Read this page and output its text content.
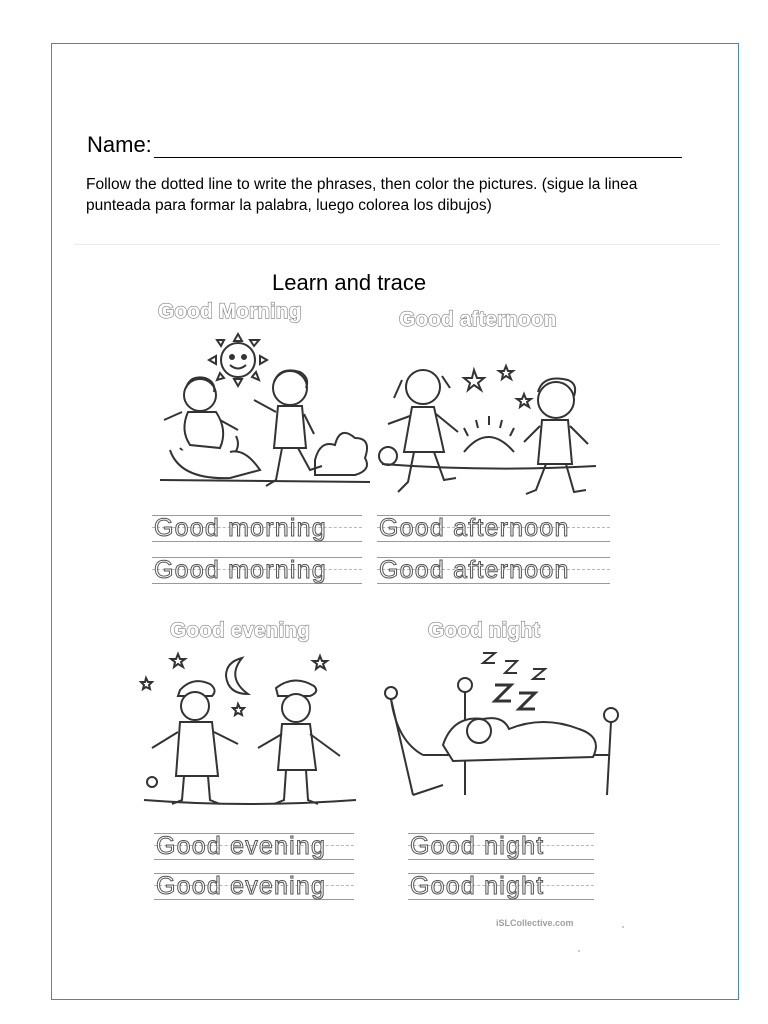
Name:
Follow the dotted line to write the phrases, then color the pictures. (sigue la linea punteada para formar la palabra, luego colorea los dibujos)
Learn and trace
Good Morning	Good afternoon
Good evening	Good night
Good morning
Good morning
Good afternoon
Good afternoon
Good evening
Good evening
Good night
Good night
iSLCollective.com
